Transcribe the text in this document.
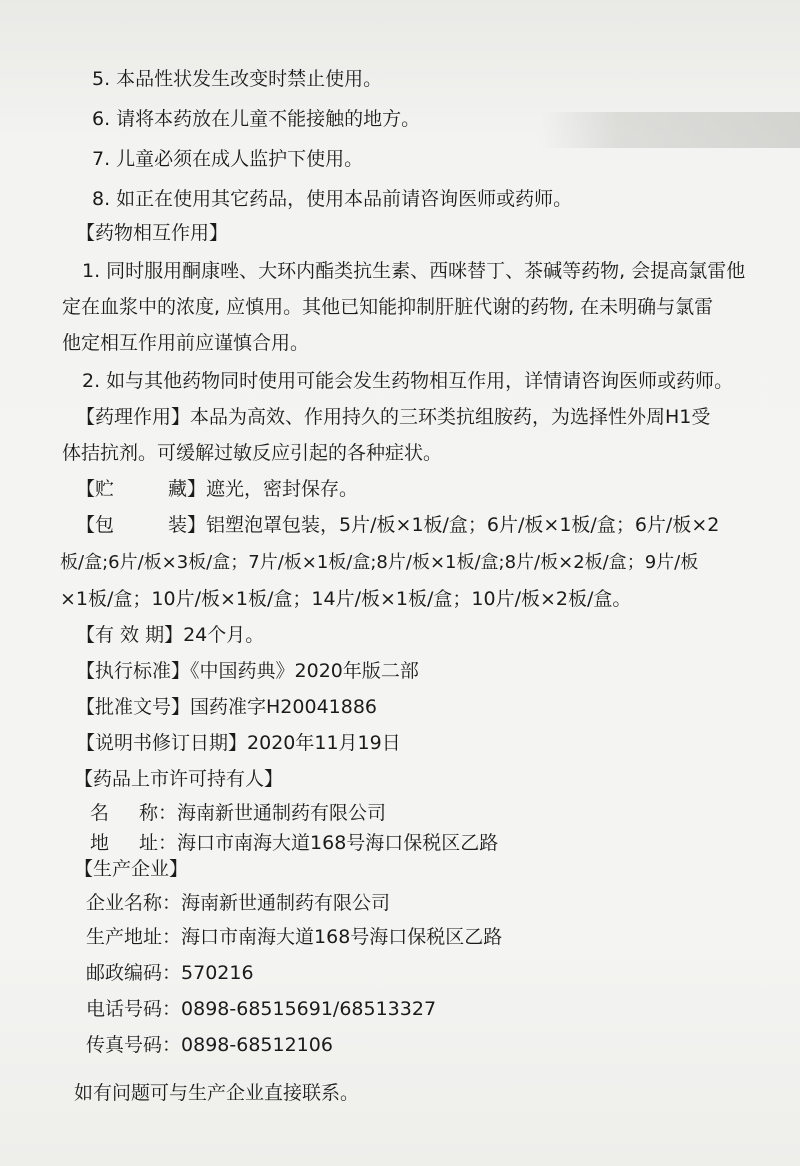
5. 本品性状发生改变时禁止使用。
6. 请将本药放在儿童不能接触的地方。
7. 儿童必须在成人监护下使用。
8. 如正在使用其它药品，使用本品前请咨询医师或药师。
【药物相互作用】
1. 同时服用酮康唑、大环内酯类抗生素、西咪替丁、茶碱等药物, 会提高氯雷他
定在血浆中的浓度, 应慎用。其他已知能抑制肝脏代谢的药物, 在未明确与氯雷
他定相互作用前应谨慎合用。
2. 如与其他药物同时使用可能会发生药物相互作用，详情请咨询医师或药师。
【药理作用】本品为高效、作用持久的三环类抗组胺药，为选择性外周H1受
体拮抗剂。可缓解过敏反应引起的各种症状。
【贮	藏】遮光，密封保存。
【包	装】铝塑泡罩包装，5片/板×1板/盒；6片/板×1板/盒；6片/板×2
板/盒;6片/板×3板/盒；7片/板×1板/盒;8片/板×1板/盒;8片/板×2板/盒；9片/板
×1板/盒；10片/板×1板/盒；14片/板×1板/盒；10片/板×2板/盒。
【有 效 期】24个月。
【执行标准】《中国药典》2020年版二部
【批准文号】国药准字H20041886
【说明书修订日期】2020年11月19日
【药品上市许可持有人】
名 称：海南新世通制药有限公司
地 址：海口市南海大道168号海口保税区乙路
【生产企业】
企业名称：海南新世通制药有限公司
生产地址：海口市南海大道168号海口保税区乙路
邮政编码：570216
电话号码：0898-68515691/68513327
传真号码：0898-68512106
如有问题可与生产企业直接联系。
